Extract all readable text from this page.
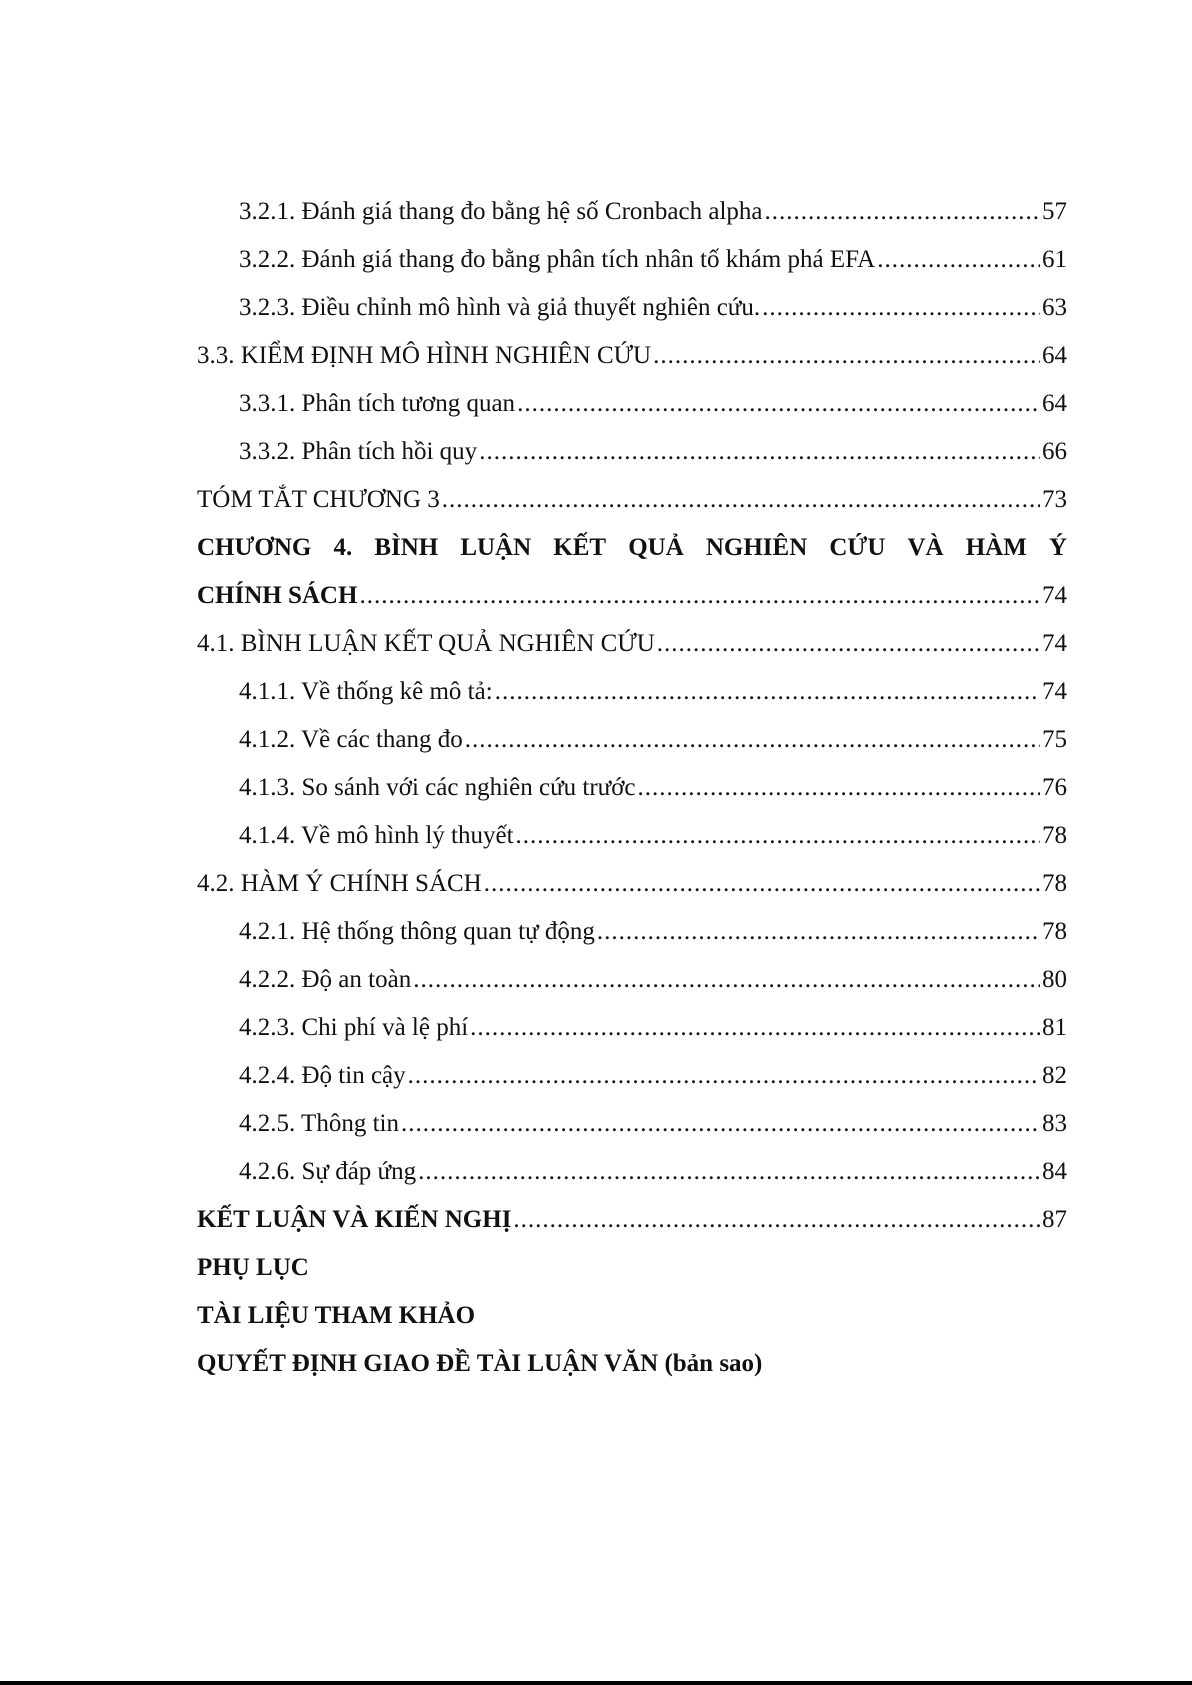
3.2.1. Đánh giá thang đo bằng hệ số Cronbach alpha .....	57
3.2.2. Đánh giá thang đo bằng phân tích nhân tố khám phá EFA .....	61
3.2.3. Điều chỉnh mô hình và giả thuyết nghiên cứu. .....	63
3.3. KIỂM ĐỊNH MÔ HÌNH NGHIÊN CỨU .....	64
3.3.1. Phân tích tương quan .....	64
3.3.2. Phân tích hồi quy .....	66
TÓM TẮT CHƯƠNG 3 .....	73
CHƯƠNG 4. BÌNH LUẬN KẾT QUẢ NGHIÊN CỨU VÀ HÀM Ý
CHÍNH SÁCH .....	74
4.1. BÌNH LUẬN KẾT QUẢ NGHIÊN CỨU .....	74
4.1.1. Về thống kê mô tả: .....	74
4.1.2. Về các thang đo .....	75
4.1.3. So sánh với các nghiên cứu trước .....	76
4.1.4. Về mô hình lý thuyết .....	78
4.2. HÀM Ý CHÍNH SÁCH .....	78
4.2.1. Hệ thống thông quan tự động .....	78
4.2.2. Độ an toàn .....	80
4.2.3. Chi phí và lệ phí .....	81
4.2.4. Độ tin cậy .....	82
4.2.5. Thông tin .....	83
4.2.6. Sự đáp ứng .....	84
KẾT LUẬN VÀ KIẾN NGHỊ .....	87
PHỤ LỤC
TÀI LIỆU THAM KHẢO
QUYẾT ĐỊNH GIAO ĐỀ TÀI LUẬN VĂN (bản sao)
